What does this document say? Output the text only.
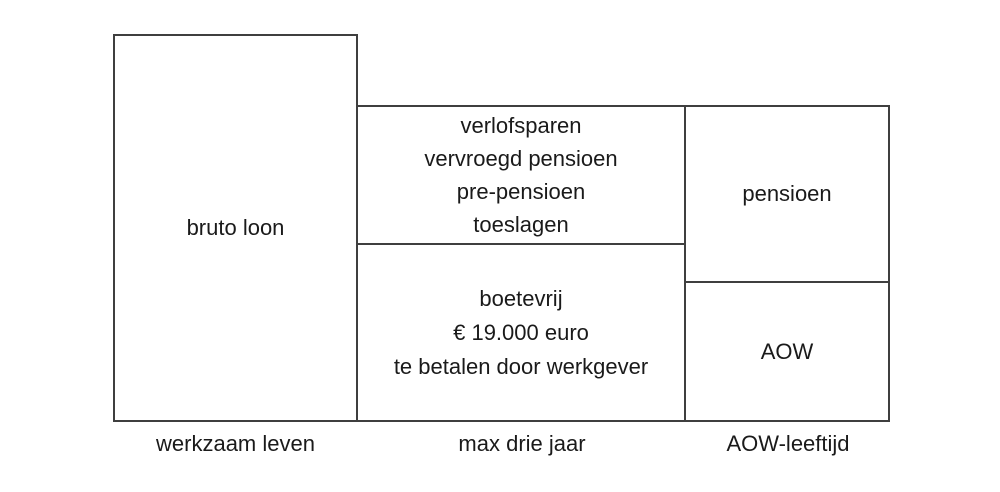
bruto loon
verlofsparen
vervroegd pensioen
pre-pensioen
toeslagen
boetevrij
€ 19.000 euro
te betalen door werkgever
pensioen
AOW
werkzaam leven	max drie jaar	AOW-leeftijd
